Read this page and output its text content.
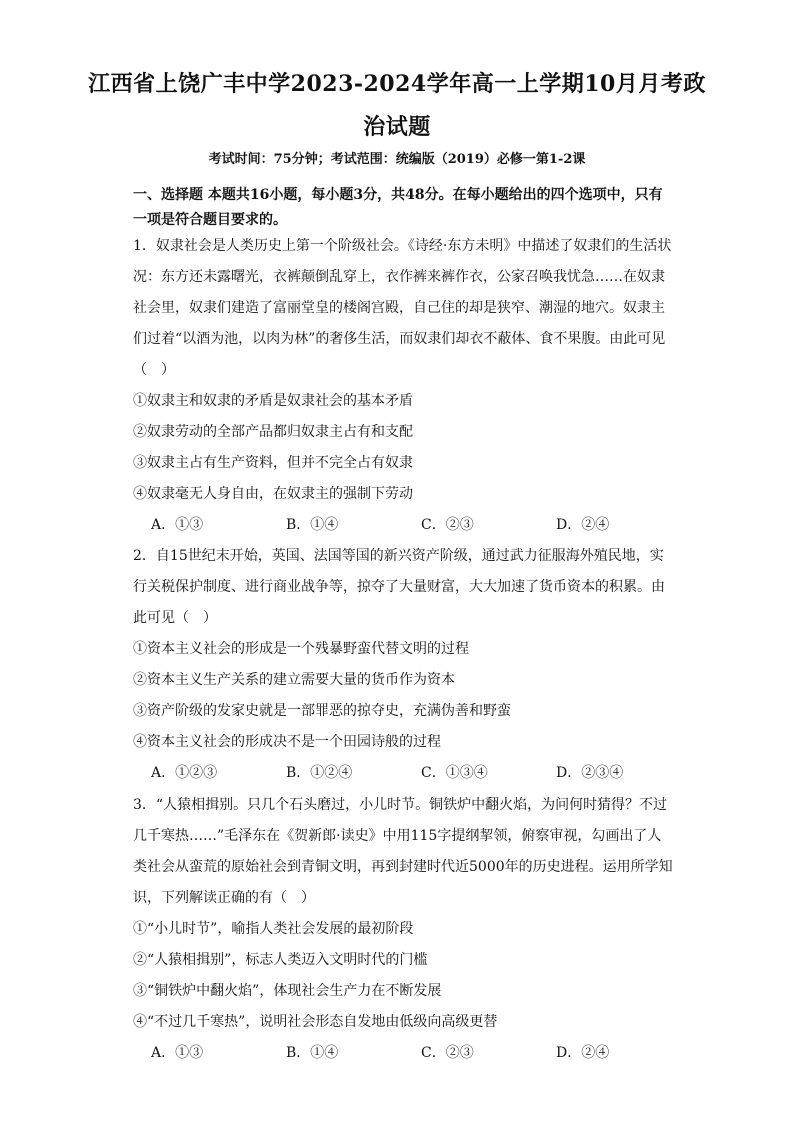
江西省上饶广丰中学2023-2024学年高一上学期10月月考政
治试题
考试时间：75分钟；考试范围：统编版（2019）必修一第1-2课
一、选择题 本题共16小题，每小题3分，共48分。在每小题给出的四个选项中，只有一项是符合题目要求的。

1．奴隶社会是人类历史上第一个阶级社会。《诗经·东方未明》中描述了奴隶们的生活状况：东方还未露曙光，衣裤颠倒乱穿上，衣作裤来裤作衣，公家召唤我忧急……在奴隶社会里，奴隶们建造了富丽堂皇的楼阁宫殿，自己住的却是狭窄、潮湿的地穴。奴隶主们过着“以酒为池，以肉为林”的奢侈生活，而奴隶们却衣不蔽体、食不果腹。由此可见（　）

①奴隶主和奴隶的矛盾是奴隶社会的基本矛盾

②奴隶劳动的全部产品都归奴隶主占有和支配

③奴隶主占有生产资料，但并不完全占有奴隶

④奴隶毫无人身自由，在奴隶主的强制下劳动

A．①③	B．①④	C．②③	D．②④

2．自15世纪末开始，英国、法国等国的新兴资产阶级，通过武力征服海外殖民地，实行关税保护制度、进行商业战争等，掠夺了大量财富，大大加速了货币资本的积累。由此可见（　）

①资本主义社会的形成是一个残暴野蛮代替文明的过程

②资本主义生产关系的建立需要大量的货币作为资本

③资产阶级的发家史就是一部罪恶的掠夺史，充满伪善和野蛮

④资本主义社会的形成决不是一个田园诗般的过程

A．①②③	B．①②④	C．①③④	D．②③④

3．“人猿相揖别。只几个石头磨过，小儿时节。铜铁炉中翻火焰，为问何时猜得？不过几千寒热……”毛泽东在《贺新郎·读史》中用115字提纲挈领，俯察审视，勾画出了人类社会从蛮荒的原始社会到青铜文明，再到封建时代近5000年的历史进程。运用所学知识，下列解读正确的有（　）

①“小儿时节”，喻指人类社会发展的最初阶段

②“人猿相揖别”，标志人类迈入文明时代的门槛

③“铜铁炉中翻火焰”，体现社会生产力在不断发展

④“不过几千寒热”，说明社会形态自发地由低级向高级更替

A．①③	B．①④	C．②③	D．②④
